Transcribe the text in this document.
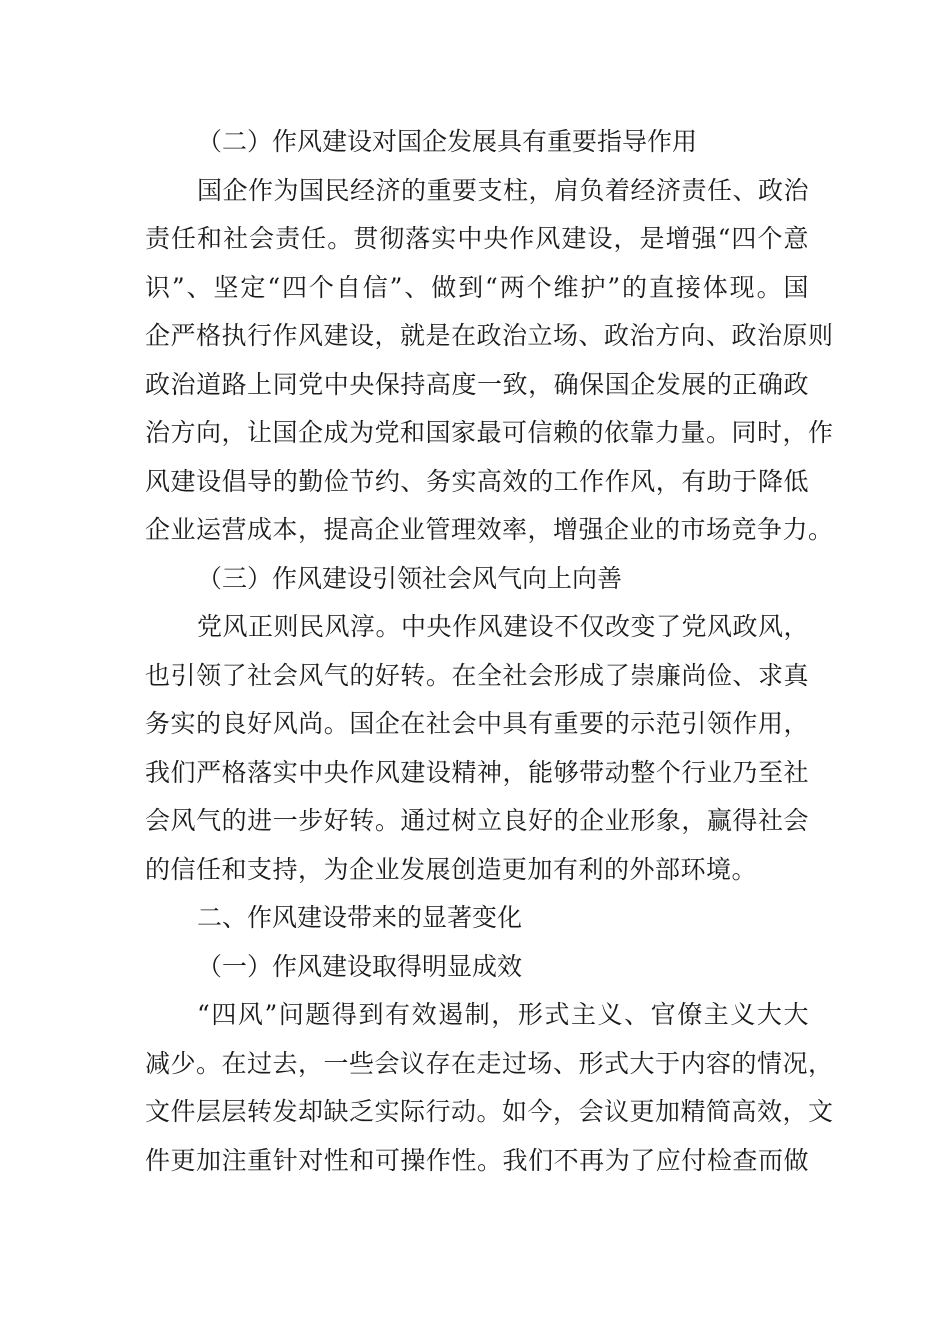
（二）作风建设对国企发展具有重要指导作用

国企作为国民经济的重要支柱，肩负着经济责任、政治
责任和社会责任。贯彻落实中央作风建设，是增强“四个意
识”、坚定“四个自信”、做到“两个维护”的直接体现。国
企严格执行作风建设，就是在政治立场、政治方向、政治原则
政治道路上同党中央保持高度一致，确保国企发展的正确政
治方向，让国企成为党和国家最可信赖的依靠力量。同时，作
风建设倡导的勤俭节约、务实高效的工作作风，有助于降低
企业运营成本，提高企业管理效率，增强企业的市场竞争力。

（三）作风建设引领社会风气向上向善

党风正则民风淳。中央作风建设不仅改变了党风政风，
也引领了社会风气的好转。在全社会形成了崇廉尚俭、求真
务实的良好风尚。国企在社会中具有重要的示范引领作用，
我们严格落实中央作风建设精神，能够带动整个行业乃至社
会风气的进一步好转。通过树立良好的企业形象，赢得社会
的信任和支持，为企业发展创造更加有利的外部环境。

二、作风建设带来的显著变化

（一）作风建设取得明显成效

“四风”问题得到有效遏制，形式主义、官僚主义大大
减少。在过去，一些会议存在走过场、形式大于内容的情况，
文件层层转发却缺乏实际行动。如今，会议更加精简高效，文
件更加注重针对性和可操作性。我们不再为了应付检查而做
